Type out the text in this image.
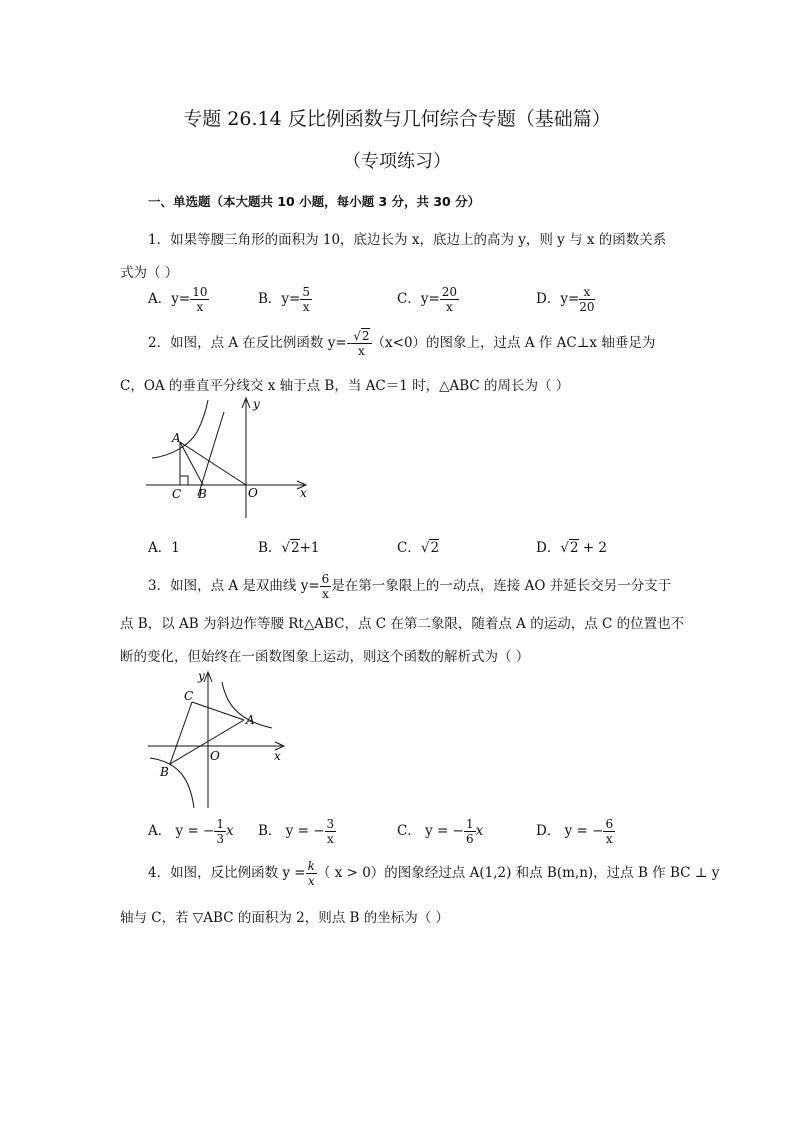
专题 26.14 反比例函数与几何综合专题（基础篇）
（专项练习）
一、单选题（本大题共 10 小题，每小题 3 分，共 30 分）
1．如果等腰三角形的面积为 10，底边长为 x，底边上的高为 y，则 y 与 x 的函数关系
式为（ ）
A．$y= \frac{10}{x}$	B．$y= \frac{5}{x}$	C．$y= \frac{20}{x}$	D．$y= \frac{x}{20}$
2．如图，点 A 在反比例函数 $y=- \frac{√2}{x} (x<0)$的图象上，过点 A 作 AC⊥x 轴垂足为
C，OA 的垂直平分线交 x 轴于点 B，当 AC＝1 时，△ABC 的周长为（ ）
A
C B	O	x
y
A．1	B．√2+1	C．√2	D．√2 + 2
3．如图，点 A 是双曲线 $y= \frac{6}{x}$ 是在第一象限上的一动点，连接 AO 并延长交另一分支于
点 B，以 AB 为斜边作等腰 Rt△ABC，点 C 在第二象限，随着点 A 的运动，点 C 的位置也不
断的变化，但始终在一函数图象上运动，则这个函数的解析式为（ ）
A
B
C
O	x
y
A． y = − $\frac{1}{3}$ x B． y = − $\frac{3}{x}$	C． y = − $\frac{1}{6}$ x	D． y = − $\frac{6}{x}$
4．如图，反比例函数 $y = \frac{k}{x}$ （ x > 0）的图象经过点 A(1,2) 和点 B(m,n)，过点 B 作 BC ⊥ y
轴与 C，若 ▽ABC 的面积为 2，则点 B 的坐标为（ ）
